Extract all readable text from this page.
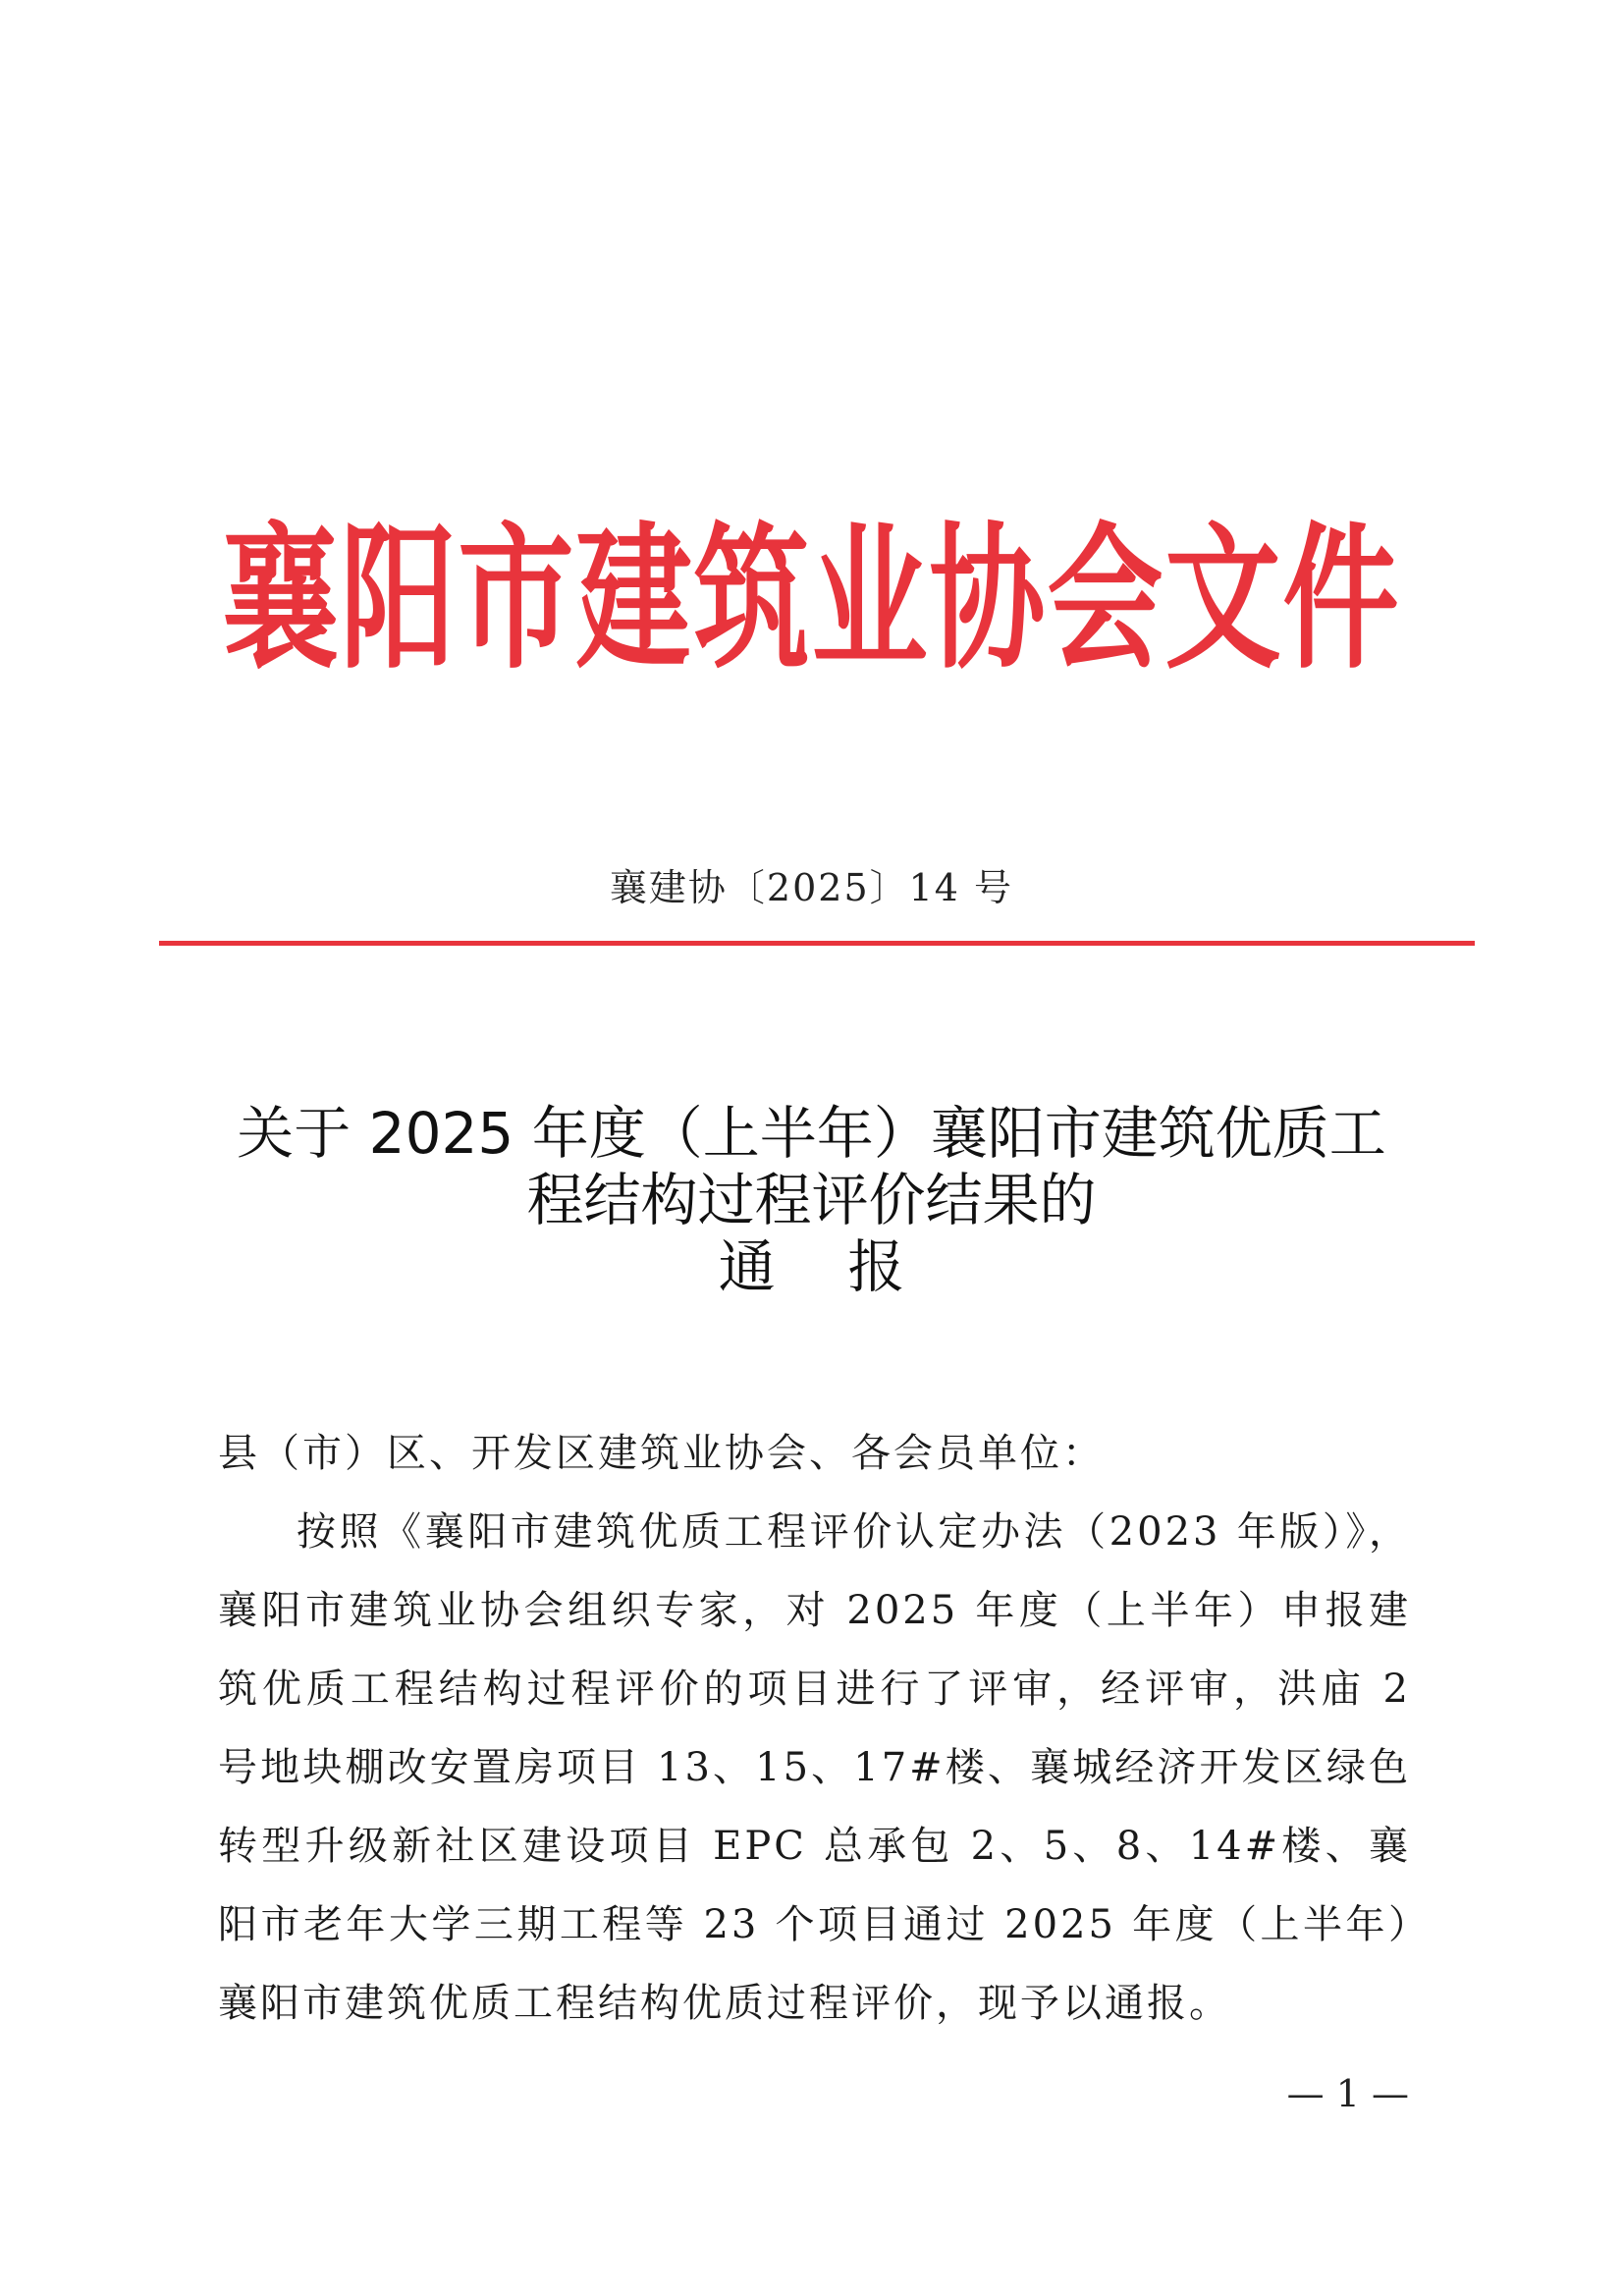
襄阳市建筑业协会文件
襄建协〔2025〕14 号
关于 2025 年度（上半年）襄阳市建筑优质工
程结构过程评价结果的
通    报
县（市）区、开发区建筑业协会、各会员单位：
按照《襄阳市建筑优质工程评价认定办法（2023 年版）》，襄阳市建筑业协会组织专家，对 2025 年度（上半年）申报建筑优质工程结构过程评价的项目进行了评审，经评审，洪庙 2 号地块棚改安置房项目 13、15、17#楼、襄城经济开发区绿色转型升级新社区建设项目 EPC 总承包 2、5、8、14#楼、襄阳市老年大学三期工程等 23 个项目通过 2025 年度（上半年）襄阳市建筑优质工程结构优质过程评价，现予以通报。
— 1 —
